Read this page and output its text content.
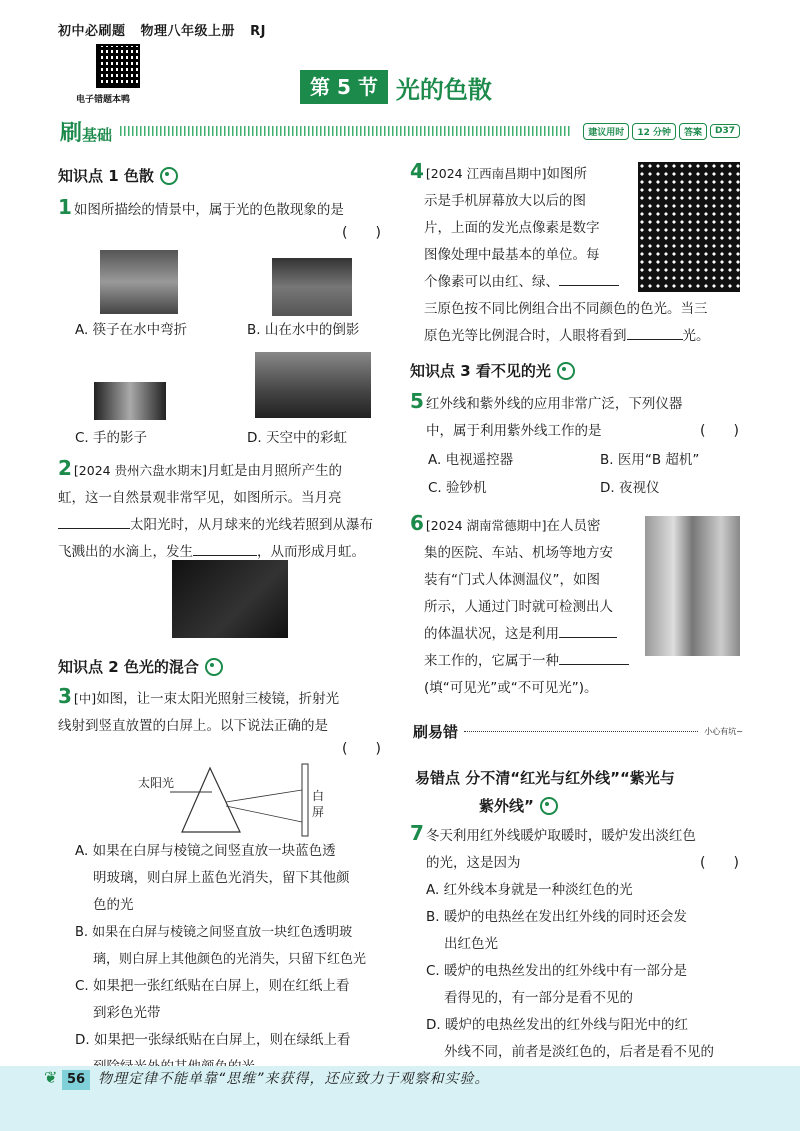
初中必刷题 物理八年级上册 RJ
电子错题本鸭
第 5 节 光的色散
刷基础	建议用时	12 分钟	答案	D37
知识点 1 色散
1 如图所描绘的情景中，属于光的色散现象的是
(　　)
A. 筷子在水中弯折	B. 山在水中的倒影
C. 手的影子	D. 天空中的彩虹
2 [2024 贵州六盘水期末]月虹是由月照所产生的
虹，这一自然景观非常罕见，如图所示。当月亮
太阳光时，从月球来的光线若照到从瀑布
飞溅出的水滴上，发生	，从而形成月虹。
知识点 2 色光的混合
3 [中]如图，让一束太阳光照射三棱镜，折射光
线射到竖直放置的白屏上。以下说法正确的是
(　　)
太阳光
白屏
A. 如果在白屏与棱镜之间竖直放一块蓝色透
明玻璃，则白屏上蓝色光消失，留下其他颜
色的光
B. 如果在白屏与棱镜之间竖直放一块红色透明玻
璃，则白屏上其他颜色的光消失，只留下红色光
C. 如果把一张红纸贴在白屏上，则在红纸上看
到彩色光带
D. 如果把一张绿纸贴在白屏上，则在绿纸上看
4 [2024 江西南昌期中]如图所
示是手机屏幕放大以后的图
片，上面的发光点像素是数字
图像处理中最基本的单位。每
个像素可以由红、绿、
三原色按不同比例组合出不同颜色的色光。当三
原色光等比例混合时，人眼将看到	光。
知识点 3 看不见的光
5 红外线和紫外线的应用非常广泛，下列仪器
中，属于利用紫外线工作的是	(　　)
A. 电视遥控器	B. 医用“B 超机”
C. 验钞机	D. 夜视仪
6 [2024 湖南常德期中]在人员密
集的医院、车站、机场等地方安
装有“门式人体测温仪”，如图
所示，人通过门时就可检测出人
的体温状况，这是利用
来工作的，它属于一种
(填“可见光”或“不可见光”)。
刷易错	小心有坑~
易错点 分不清“红光与红外线”“紫光与
紫外线”
7 冬天利用红外线暖炉取暖时，暖炉发出淡红色
的光，这是因为
A. 红外线本身就是一种淡红色的光
B. 暖炉的电热丝在发出红外线的同时还会发
出红色光
C. 暖炉的电热丝发出的红外线中有一部分是
看得见的，有一部分是看不见的
D. 暖炉的电热丝发出的红外线与阳光中的红
外线不同，前者是淡红色的，后者是看不见的
(　　)
❦ 56 物理定律不能单靠“思维”来获得，还应致力于观察和实验。
